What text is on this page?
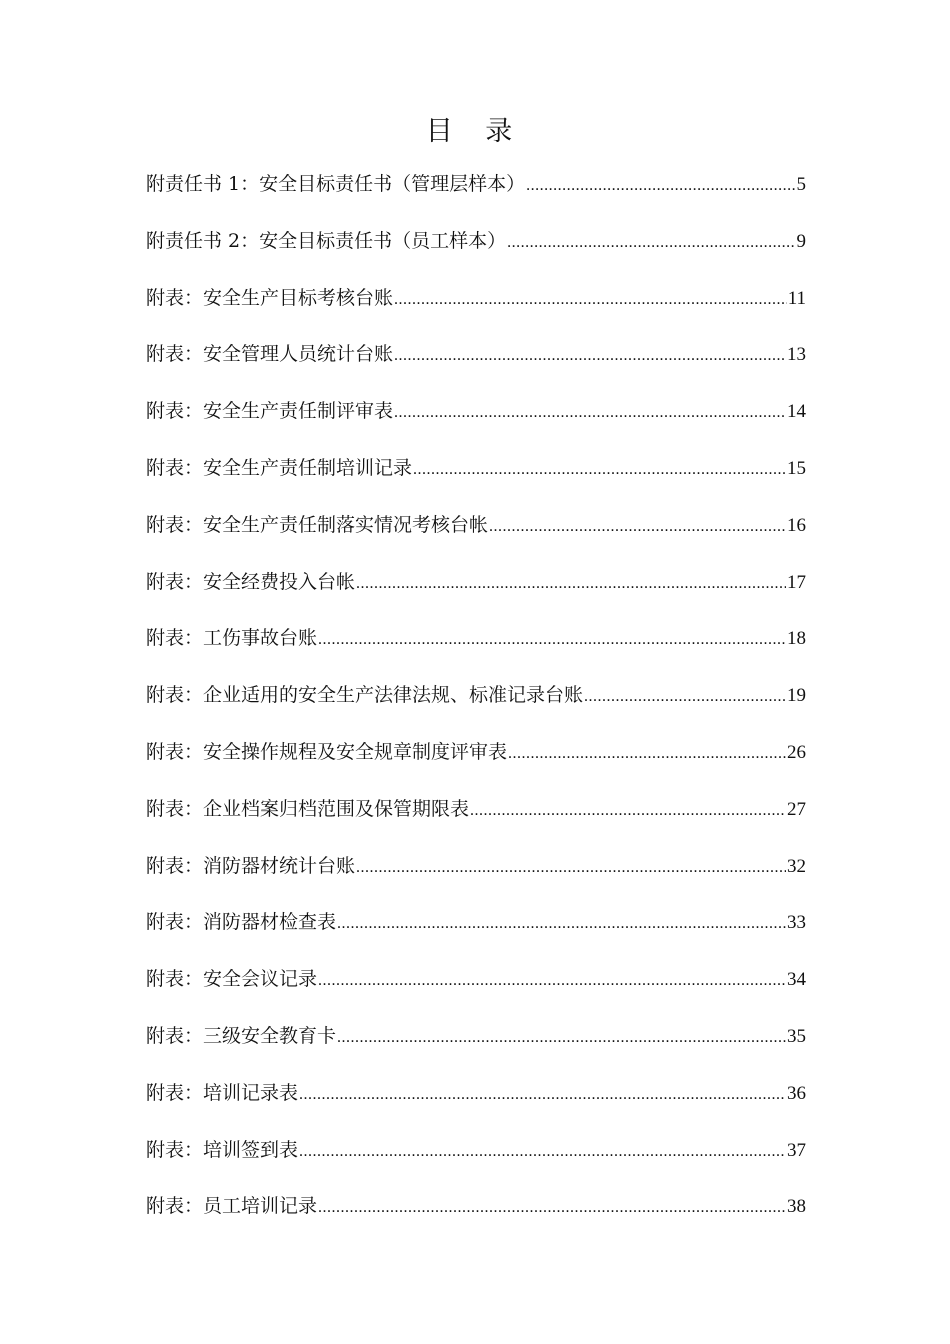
目 录
附责任书 1：安全目标责任书（管理层样本） .....	5
附责任书 2：安全目标责任书（员工样本） .....	9
附表：安全生产目标考核台账 .....	11
附表：安全管理人员统计台账 .....	13
附表：安全生产责任制评审表 .....	14
附表：安全生产责任制培训记录 .....	15
附表：安全生产责任制落实情况考核台帐 .....	16
附表：安全经费投入台帐 .....	17
附表：工伤事故台账 .....	18
附表：企业适用的安全生产法律法规、标准记录台账 .....	19
附表：安全操作规程及安全规章制度评审表 .....	26
附表：企业档案归档范围及保管期限表 .....	27
附表：消防器材统计台账 .....	32
附表：消防器材检查表 .....	33
附表：安全会议记录 .....	34
附表：三级安全教育卡 .....	35
附表：培训记录表 .....	36
附表：培训签到表 .....	37
附表：员工培训记录 .....	38
